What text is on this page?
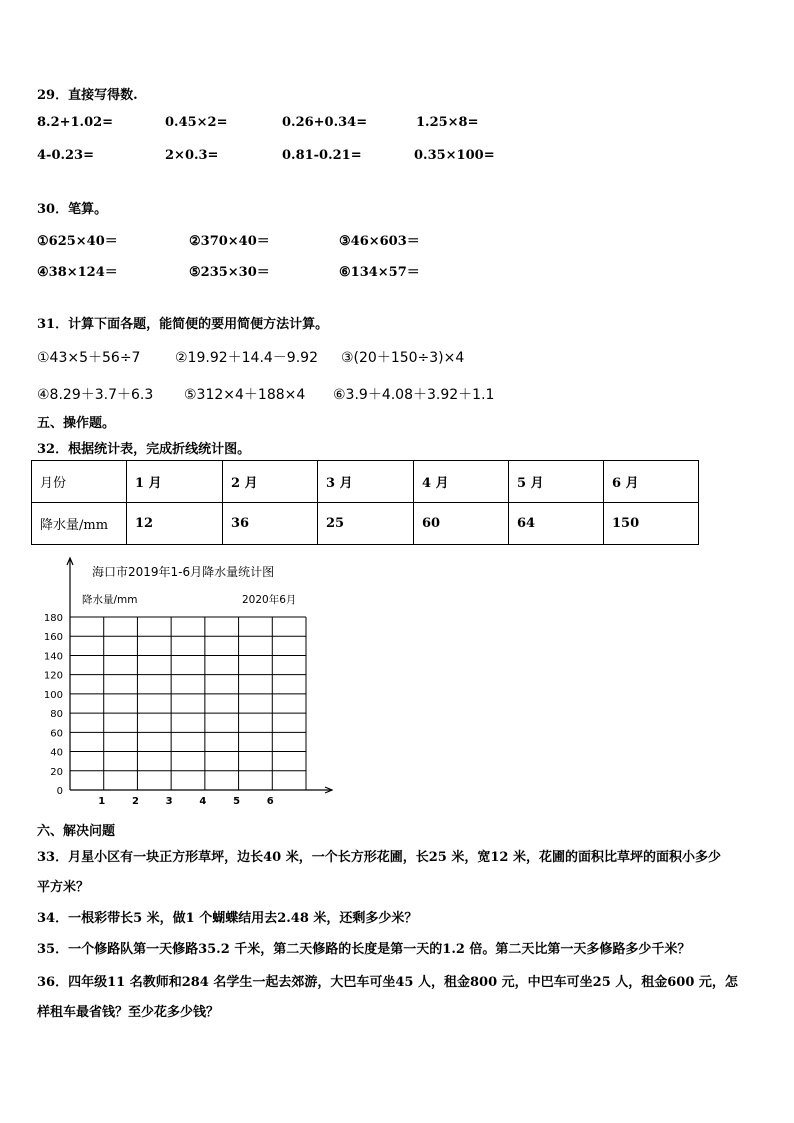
29．直接写得数.
8.2+1.02=	0.45×2=	0.26+0.34=	1.25×8=
4-0.23=	2×0.3=	0.81-0.21=	0.35×100=
30．笔算。
①625×40＝	②370×40＝	③46×603＝
④38×124＝	⑤235×30＝	⑥134×57＝
31．计算下面各题，能简便的要用简便方法计算。
①43×5＋56÷7 ②19.92＋14.4－9.92 ③(20＋150÷3)×4
④8.29＋3.7＋6.3 ⑤312×4＋188×4 ⑥3.9＋4.08＋3.92＋1.1
五、操作题。
32．根据统计表，完成折线统计图。
月份	1 月	2 月	3 月	4 月	5 月	6 月
降水量/mm	12	36	25	60	64	150
0
20
40
60
80
100
120
140
160
180
1	2	3	4	5	6
海口市2019年1-6月降水量统计图
降水量/mm	2020年6月
六、解决问题
33．月星小区有一块正方形草坪，边长40 米，一个长方形花圃，长25 米，宽12 米，花圃的面积比草坪的面积小多少
平方米？
34．一根彩带长5 米，做1 个蝴蝶结用去2.48 米，还剩多少米？
35．一个修路队第一天修路35.2 千米，第二天修路的长度是第一天的1.2 倍。第二天比第一天多修路多少千米？
36．四年级11 名教师和284 名学生一起去郊游，大巴车可坐45 人，租金800 元，中巴车可坐25 人，租金600 元，怎
样租车最省钱？至少花多少钱？
